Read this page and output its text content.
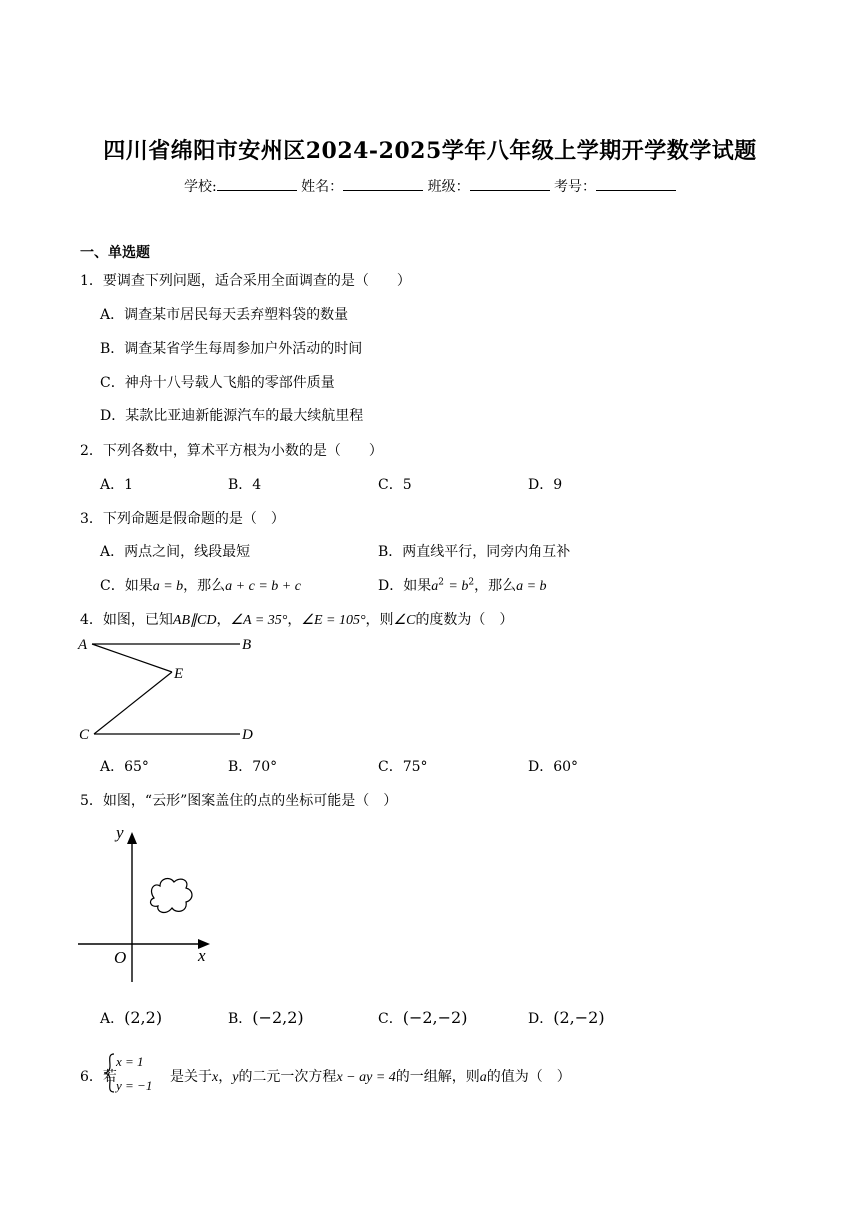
四川省绵阳市安州区2024-2025学年八年级上学期开学数学试题
学校:	姓名：	班级：	考号：
一、单选题
1．要调查下列问题，适合采用全面调查的是（　　）
A．调查某市居民每天丢弃塑料袋的数量
B．调查某省学生每周参加户外活动的时间
C．神舟十八号载人飞船的零部件质量
D．某款比亚迪新能源汽车的最大续航里程
2．下列各数中，算术平方根为小数的是（　　）
A．1	B．4	C．5	D．9
3．下列命题是假命题的是（　）
A．两点之间，线段最短	B．两直线平行，同旁内角互补
C．如果a = b，那么a + c = b + c	D．如果$a^2 = b^2$，那么a = b
4．如图，已知AB∥CD，∠A = 35°，∠E = 105°，则∠C的度数为（　）
A	B
E
C	D
A．65°	B．70°	C．75°	D．60°
5．如图，“云形”图案盖住的点的坐标可能是（　）
x
y
O
A．(2,2)	B．(−2,2)	C．(−2,−2)	D．(2,−2)
6．若
x = 1
y = −1
是关于x，y的二元一次方程x − ay = 4的一组解，则a的值为（　）
